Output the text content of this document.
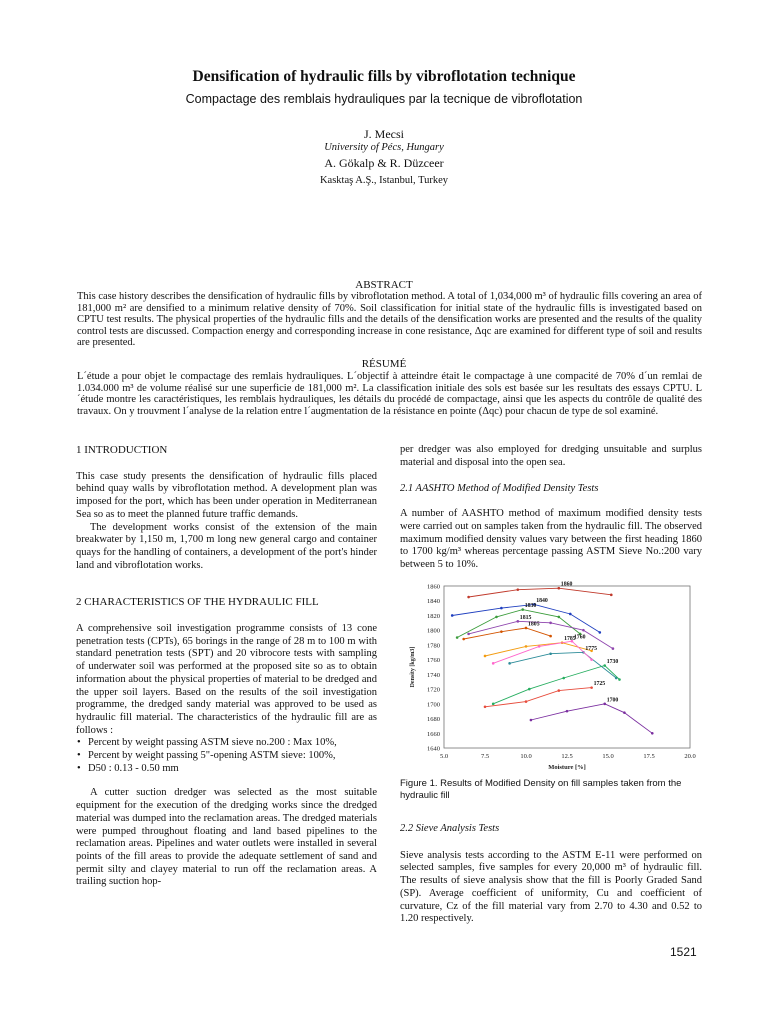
Densification of hydraulic fills by vibroflotation technique
Compactage des remblais hydrauliques par la tecnique de vibroflotation
J. Mecsi
University of Pécs, Hungary
A. Gökalp & R. Düzceer
Kasktaş A.Ş., Istanbul, Turkey
ABSTRACT
This case history describes the densification of hydraulic fills by vibroflotation method. A total of 1,034,000 m³ of hydraulic fills covering an area of 181,000 m² are densified to a minimum relative density of 70%. Soil classification for initial state of the hydraulic fills is investigated based on CPTU test results. The physical properties of the hydraulic fills and the details of the densification works are presented and the results of the quality control tests are discussed. Compaction energy and corresponding increase in cone resistance, Δqc are examined for different type of soil and results are presented.
RÉSUMÉ
L´étude a pour objet le compactage des remlais hydrauliques. L´objectif à atteindre était le compactage à une compacité de 70% d´un remlai de 1.034.000 m³ de volume réalisé sur une superficie de 181,000 m². La classification initiale des sols est basée sur les resultats des essays CPTU. L´étude montre les caractéristiques, les remblais hydrauliques, les détails du procédé de compactage, ainsi que les aspects du contrôle de qualité des travaux. On y trouvment l´analyse de la relation entre l´augmentation de la résistance en pointe (Δqc) pour chacun de type de sol examiné.
1 INTRODUCTION

This case study presents the densification of hydraulic fills placed behind quay walls by vibroflotation method. A development plan was imposed for the port, which has been under operation in Mediterranean Sea so as to meet the planned future traffic demands.

The development works consist of the extension of the main breakwater by 1,150 m, 1,700 m long new general cargo and container quays for the handling of containers, a development of the port's hinder land and vibroflotation works.

2 CHARACTERISTICS OF THE HYDRAULIC FILL

A comprehensive soil investigation programme consists of 13 cone penetration tests (CPTs), 65 borings in the range of 28 m to 100 m with standard penetration tests (SPT) and 20 vibrocore tests with sampling of underwater soil was performed at the proposed site so as to obtain information about the physical properties of material to be dredged and the upper soil layers. Based on the results of the soil investigation programme, the dredged sandy material was approved to be used as hydraulic fill material. The characteristics of the hydraulic fill are as follows :

• Percent by weight passing ASTM sieve no.200 : Max 10%,
• Percent by weight passing 5"-opening ASTM sieve: 100%,
• D50 : 0.13 - 0.50 mm

A cutter suction dredger was selected as the most suitable equipment for the execution of the dredging works since the dredged material was dumped into the reclamation areas. The dredged materials were pumped throughout floating and land based pipelines to the reclamation areas. Pipelines and water outlets were installed in several points of the fill areas to provide the adequate settlement of sand and permit silty and clayey material to run off the reclamation areas. A trailing suction hop-

per dredger was also employed for dredging unsuitable and surplus material and disposal into the open sea.

2.1 AASHTO Method of Modified Density Tests

A number of AASHTO method of maximum modified density tests were carried out on samples taken from the hydraulic fill. The observed maximum modified density values vary between the first heading 1860 to 1700 kg/m³ whereas percentage passing ASTM Sieve No.:200 vary between 5 to 10%.

1640
1660
1680
1700
1720
1740
1760
1780
1800
1820
1840
1860
5.0	7.5	10.0	12.5	15.0	17.5	20.0
Moisture [%]
Density [kg/m3]
1860
1840
1830
1815
1805
1785
1775
1760
1730
1725
1700
Figure 1. Results of Modified Density on fill samples taken from the hydraulic fill
2.2 Sieve Analysis Tests

Sieve analysis tests according to the ASTM E-11 were performed on selected samples, five samples for every 20,000 m³ of hydraulic fill. The results of sieve analysis show that the fill is Poorly Graded Sand (SP). Average coefficient of uniformity, Cu and coefficient of curvature, Cz of the fill material vary from 2.70 to 4.30 and 0.52 to 1.20 respectively.

1521
